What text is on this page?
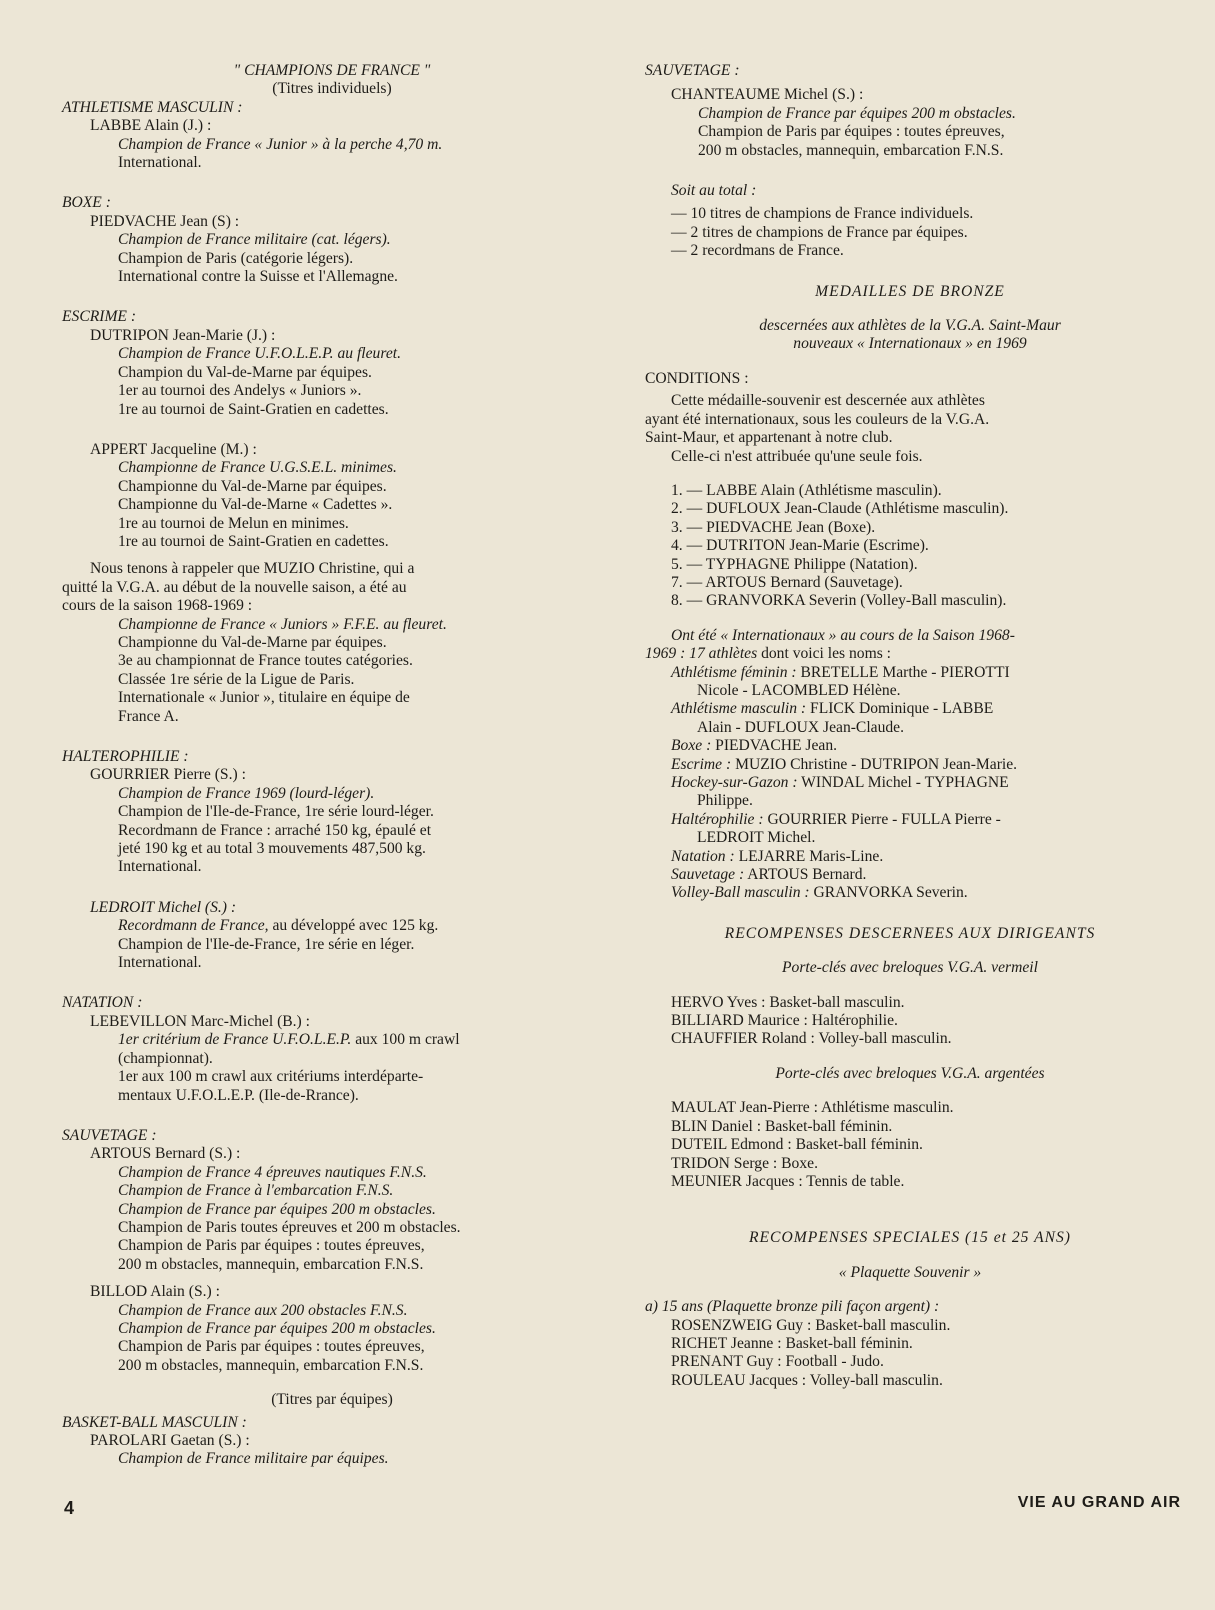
" CHAMPIONS DE FRANCE "
(Titres individuels)
ATHLETISME MASCULIN :
LABBE Alain (J.) :
Champion de France « Junior » à la perche 4,70 m.
International.
BOXE :
PIEDVACHE Jean (S) :
Champion de France militaire (cat. légers).
Champion de Paris (catégorie légers).
International contre la Suisse et l'Allemagne.
ESCRIME :
DUTRIPON Jean-Marie (J.) :
Champion de France U.F.O.L.E.P. au fleuret.
Champion du Val-de-Marne par équipes.
1er au tournoi des Andelys « Juniors ».
1re au tournoi de Saint-Gratien en cadettes.
APPERT Jacqueline (M.) :
Championne de France U.G.S.E.L. minimes.
Championne du Val-de-Marne par équipes.
Championne du Val-de-Marne « Cadettes ».
1re au tournoi de Melun en minimes.
1re au tournoi de Saint-Gratien en cadettes.
Nous tenons à rappeler que MUZIO Christine, qui a
quitté la V.G.A. au début de la nouvelle saison, a été au
cours de la saison 1968-1969 :
Championne de France « Juniors » F.F.E. au fleuret.
Championne du Val-de-Marne par équipes.
3e au championnat de France toutes catégories.
Classée 1re série de la Ligue de Paris.
Internationale « Junior », titulaire en équipe de
France A.
HALTEROPHILIE :
GOURRIER Pierre (S.) :
Champion de France 1969 (lourd-léger).
Champion de l'Ile-de-France, 1re série lourd-léger.
Recordmann de France : arraché 150 kg, épaulé et
jeté 190 kg et au total 3 mouvements 487,500 kg.
International.
LEDROIT Michel (S.) :
Recordmann de France, au développé avec 125 kg.
Champion de l'Ile-de-France, 1re série en léger.
International.
NATATION :
LEBEVILLON Marc-Michel (B.) :
1er critérium de France U.F.O.L.E.P. aux 100 m crawl
(championnat).
1er aux 100 m crawl aux critériums interdéparte-
mentaux U.F.O.L.E.P. (Ile-de-Rrance).
SAUVETAGE :
ARTOUS Bernard (S.) :
Champion de France 4 épreuves nautiques F.N.S.
Champion de France à l'embarcation F.N.S.
Champion de France par équipes 200 m obstacles.
Champion de Paris toutes épreuves et 200 m obstacles.
Champion de Paris par équipes : toutes épreuves,
200 m obstacles, mannequin, embarcation F.N.S.
BILLOD Alain (S.) :
Champion de France aux 200 obstacles F.N.S.
Champion de France par équipes 200 m obstacles.
Champion de Paris par équipes : toutes épreuves,
200 m obstacles, mannequin, embarcation F.N.S.
(Titres par équipes)
BASKET-BALL MASCULIN :
PAROLARI Gaetan (S.) :
Champion de France militaire par équipes.
SAUVETAGE :
CHANTEAUME Michel (S.) :
Champion de France par équipes 200 m obstacles.
Champion de Paris par équipes : toutes épreuves,
200 m obstacles, mannequin, embarcation F.N.S.
Soit au total :
— 10 titres de champions de France individuels.
— 2 titres de champions de France par équipes.
— 2 recordmans de France.
MEDAILLES DE BRONZE
descernées aux athlètes de la V.G.A. Saint-Maur
nouveaux « Internationaux » en 1969
CONDITIONS :
Cette médaille-souvenir est descernée aux athlètes
ayant été internationaux, sous les couleurs de la V.G.A.
Saint-Maur, et appartenant à notre club.
Celle-ci n'est attribuée qu'une seule fois.
1. — LABBE Alain (Athlétisme masculin).
2. — DUFLOUX Jean-Claude (Athlétisme masculin).
3. — PIEDVACHE Jean (Boxe).
4. — DUTRITON Jean-Marie (Escrime).
5. — TYPHAGNE Philippe (Natation).
7. — ARTOUS Bernard (Sauvetage).
8. — GRANVORKA Severin (Volley-Ball masculin).
Ont été « Internationaux » au cours de la Saison 1968-
1969 : 17 athlètes dont voici les noms :
Athlétisme féminin : BRETELLE Marthe - PIEROTTI
Nicole - LACOMBLED Hélène.
Athlétisme masculin : FLICK Dominique - LABBE
Alain - DUFLOUX Jean-Claude.
Boxe : PIEDVACHE Jean.
Escrime : MUZIO Christine - DUTRIPON Jean-Marie.
Hockey-sur-Gazon : WINDAL Michel - TYPHAGNE
Philippe.
Haltérophilie : GOURRIER Pierre - FULLA Pierre -
LEDROIT Michel.
Natation : LEJARRE Maris-Line.
Sauvetage : ARTOUS Bernard.
Volley-Ball masculin : GRANVORKA Severin.
RECOMPENSES DESCERNEES AUX DIRIGEANTS
Porte-clés avec breloques V.G.A. vermeil
HERVO Yves : Basket-ball masculin.
BILLIARD Maurice : Haltérophilie.
CHAUFFIER Roland : Volley-ball masculin.
Porte-clés avec breloques V.G.A. argentées
MAULAT Jean-Pierre : Athlétisme masculin.
BLIN Daniel : Basket-ball féminin.
DUTEIL Edmond : Basket-ball féminin.
TRIDON Serge : Boxe.
MEUNIER Jacques : Tennis de table.
RECOMPENSES SPECIALES (15 et 25 ANS)
« Plaquette Souvenir »
a) 15 ans (Plaquette bronze pili façon argent) :
ROSENZWEIG Guy : Basket-ball masculin.
RICHET Jeanne : Basket-ball féminin.
PRENANT Guy : Football - Judo.
ROULEAU Jacques : Volley-ball masculin.
4	VIE AU GRAND AIR
